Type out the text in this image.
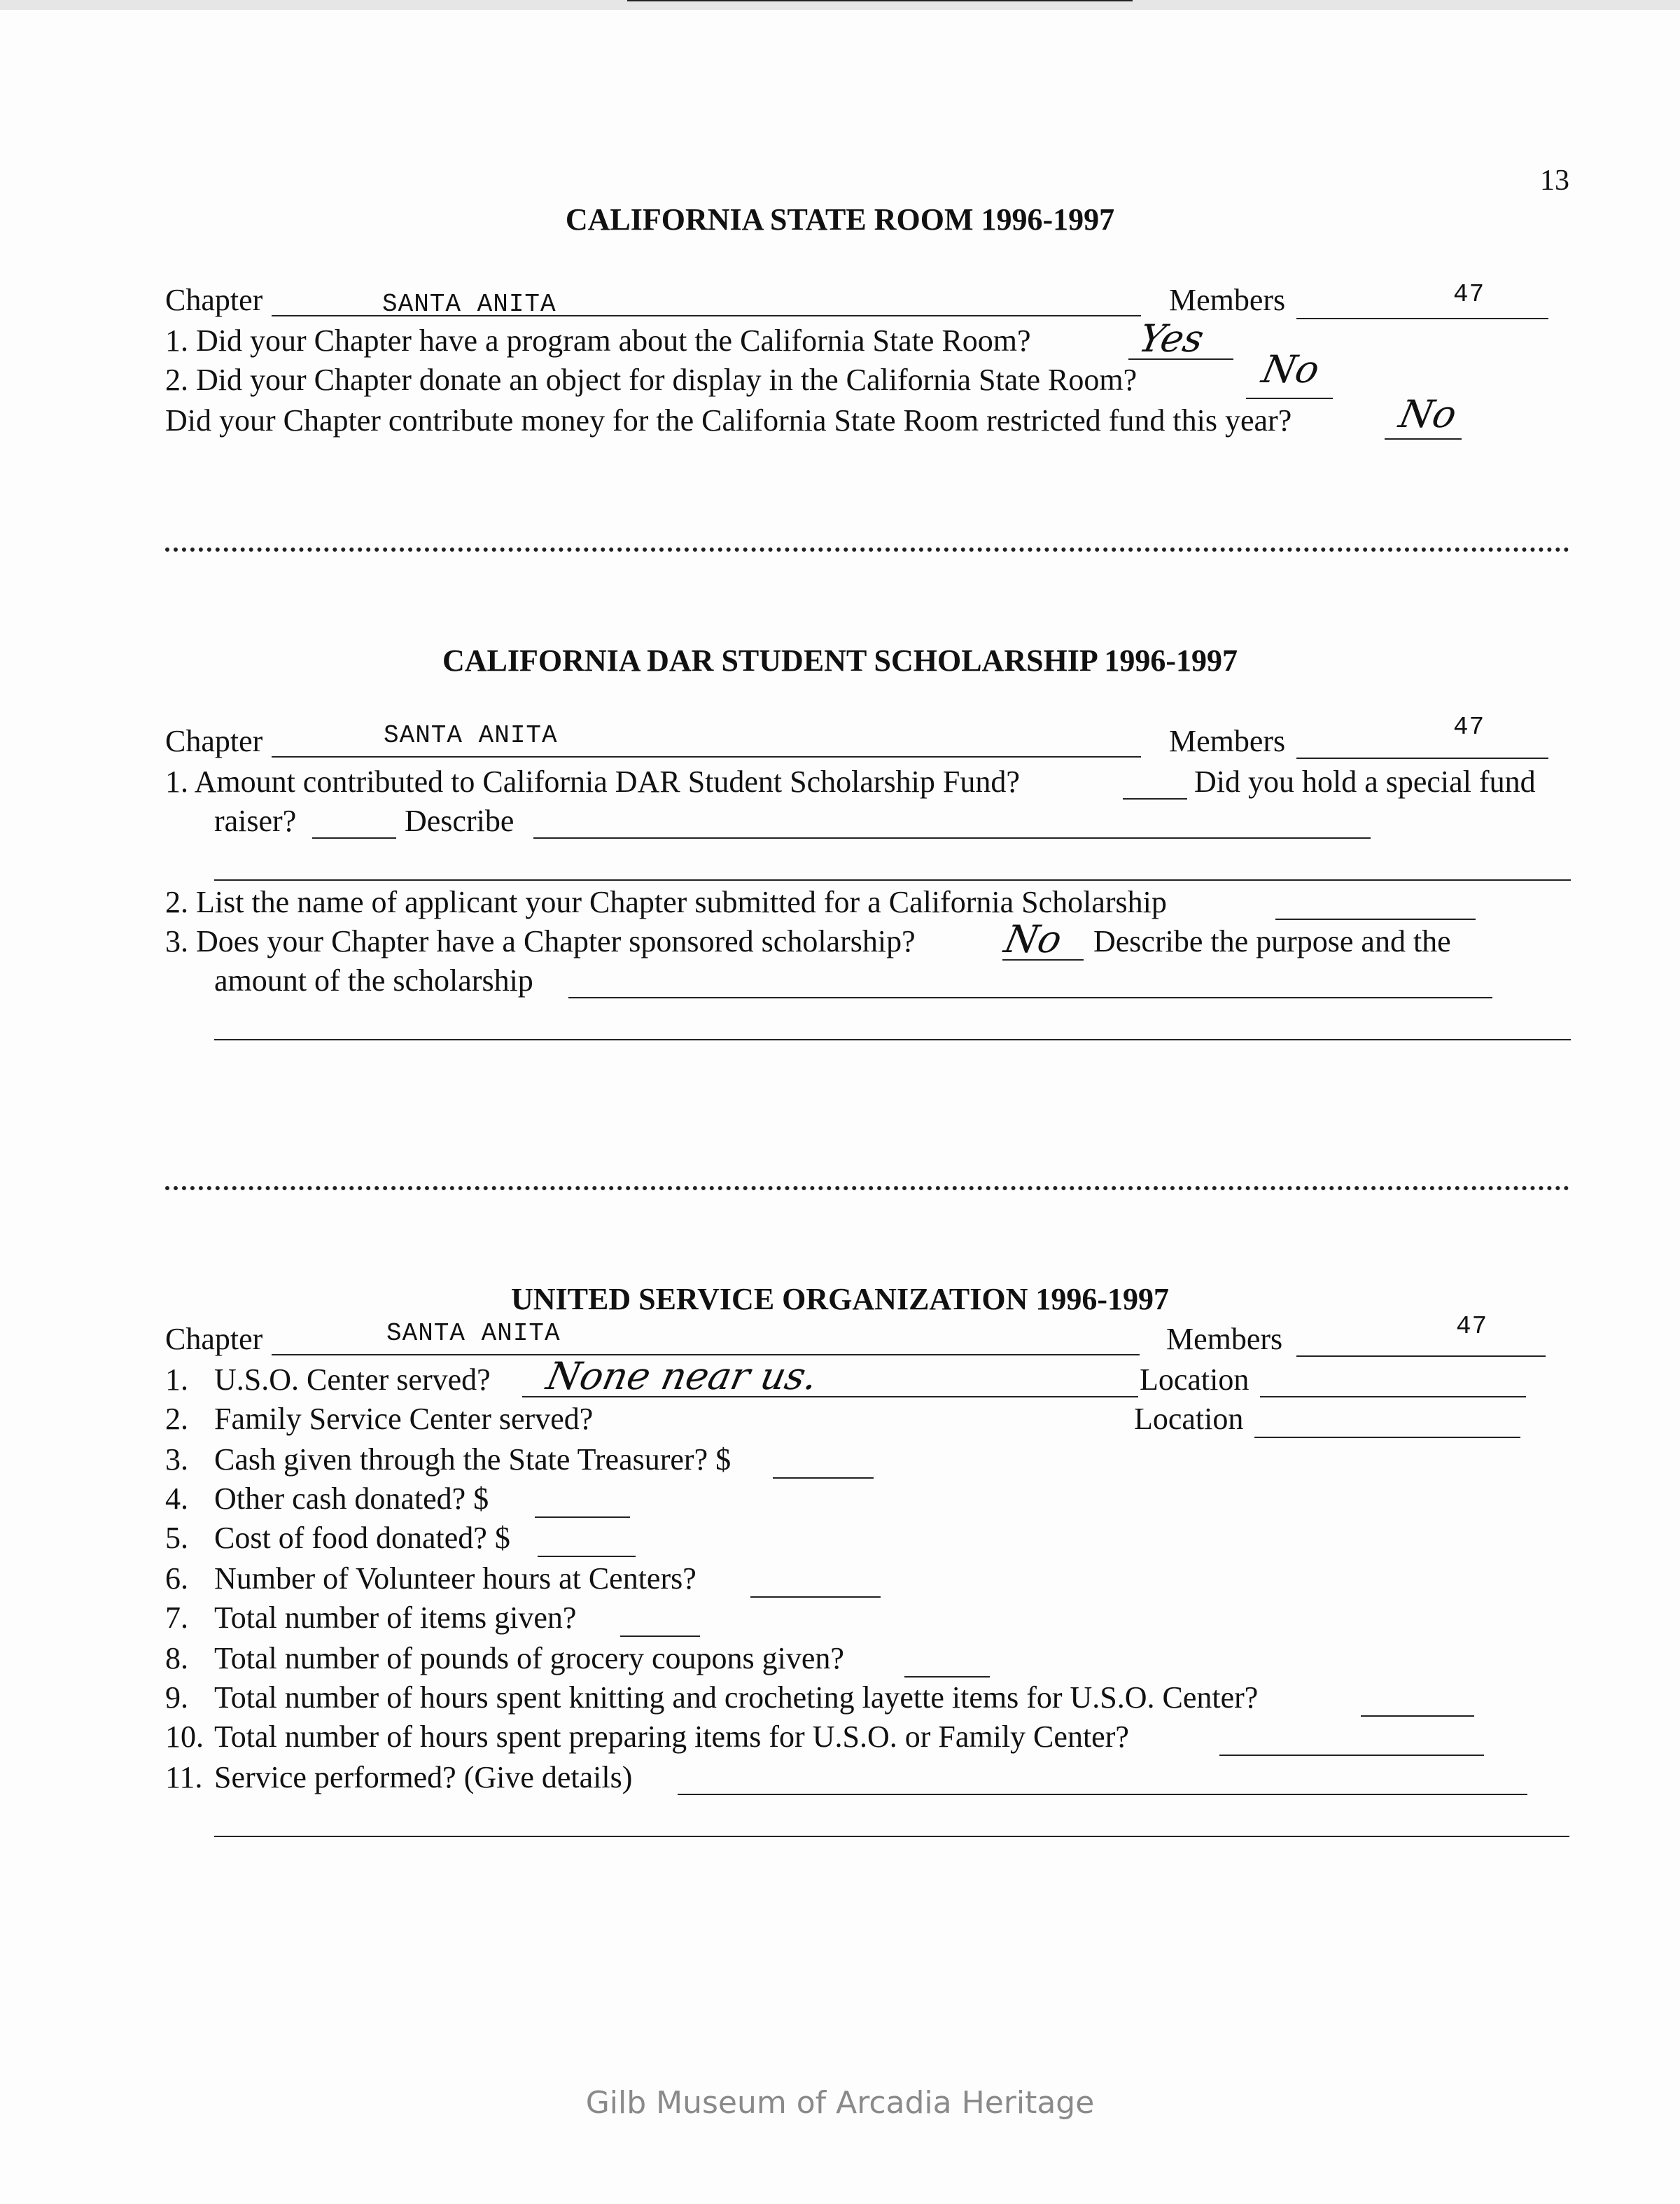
13
CALIFORNIA STATE ROOM 1996-1997
Chapter	SANTA ANITA	Members	47
1. Did your Chapter have a program about the California State Room?	Yes
2. Did your Chapter donate an object for display in the California State Room?	No
Did your Chapter contribute money for the California State Room restricted fund this year?	No
CALIFORNIA DAR STUDENT SCHOLARSHIP 1996-1997
Chapter	SANTA ANITA	Members	47
1. Amount contributed to California DAR Student Scholarship Fund?	Did you hold a special fund
raiser?	Describe
2. List the name of applicant your Chapter submitted for a California Scholarship
3. Does your Chapter have a Chapter sponsored scholarship? No Describe the purpose and the
amount of the scholarship
UNITED SERVICE ORGANIZATION 1996-1997
Chapter	SANTA ANITA	Members	47
1. U.S.O. Center served? None near us.	Location
2. Family Service Center served?	Location
3. Cash given through the State Treasurer? $
4. Other cash donated? $
5. Cost of food donated? $
6. Number of Volunteer hours at Centers?
7. Total number of items given?
8. Total number of pounds of grocery coupons given?
9. Total number of hours spent knitting and crocheting layette items for U.S.O. Center?
10. Total number of hours spent preparing items for U.S.O. or Family Center?
11. Service performed? (Give details)
Gilb Museum of Arcadia Heritage
